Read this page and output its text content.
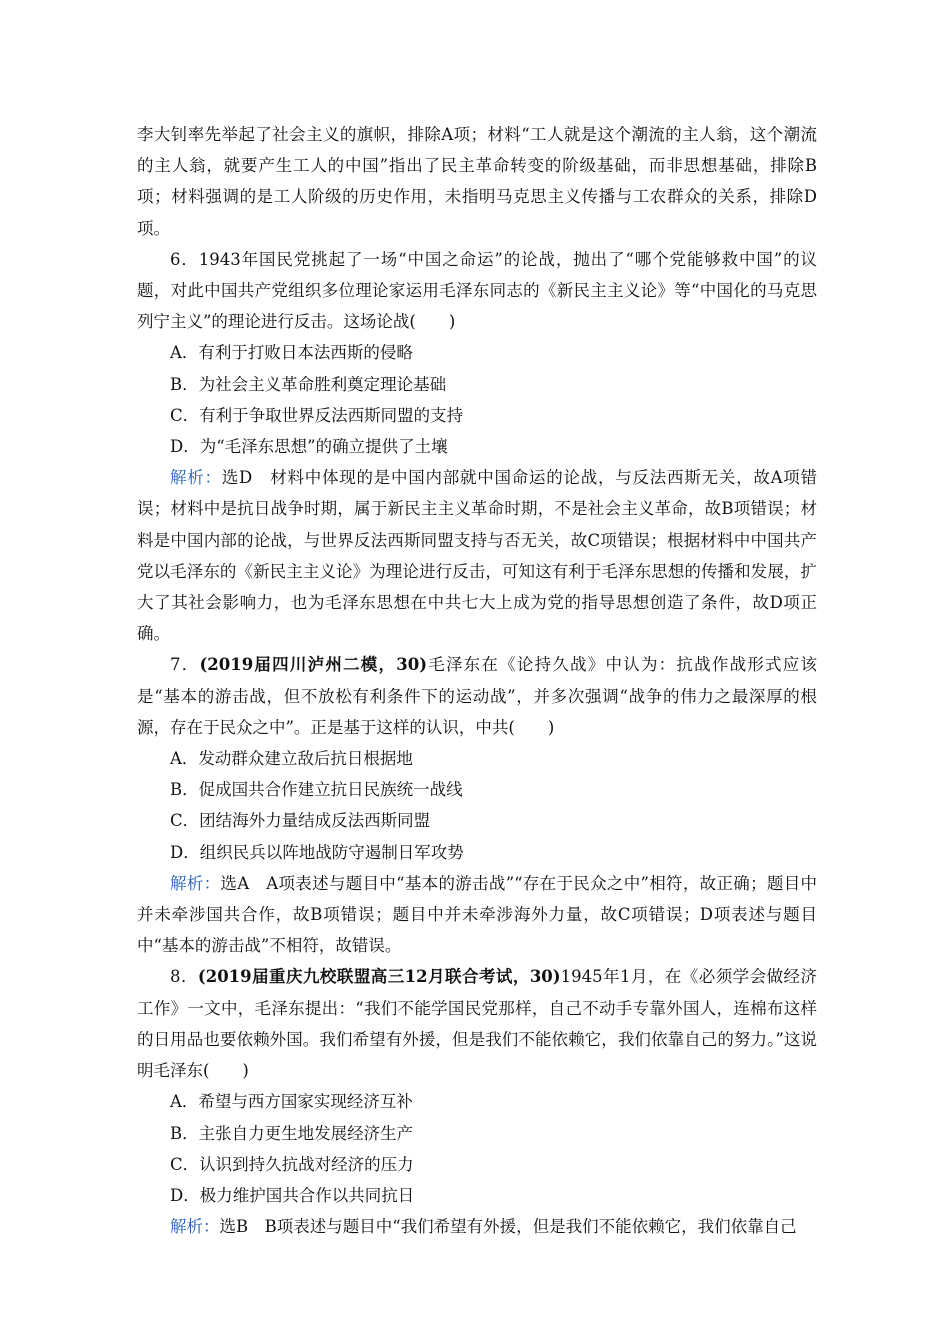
李大钊率先举起了社会主义的旗帜，排除A项；材料“工人就是这个潮流的主人翁，这个潮流的主人翁，就要产生工人的中国”指出了民主革命转变的阶级基础，而非思想基础，排除B项；材料强调的是工人阶级的历史作用，未指明马克思主义传播与工农群众的关系，排除D项。

6．1943年国民党挑起了一场“中国之命运”的论战，抛出了“哪个党能够救中国”的议题，对此中国共产党组织多位理论家运用毛泽东同志的《新民主主义论》等“中国化的马克思列宁主义”的理论进行反击。这场论战(　　)

A．有利于打败日本法西斯的侵略

B．为社会主义革命胜利奠定理论基础

C．有利于争取世界反法西斯同盟的支持

D．为“毛泽东思想”的确立提供了土壤

解析：选D　材料中体现的是中国内部就中国命运的论战，与反法西斯无关，故A项错误；材料中是抗日战争时期，属于新民主主义革命时期，不是社会主义革命，故B项错误；材料是中国内部的论战，与世界反法西斯同盟支持与否无关，故C项错误；根据材料中中国共产党以毛泽东的《新民主主义论》为理论进行反击，可知这有利于毛泽东思想的传播和发展，扩大了其社会影响力，也为毛泽东思想在中共七大上成为党的指导思想创造了条件，故D项正确。

7．(2019届四川泸州二模，30)毛泽东在《论持久战》中认为：抗战作战形式应该是“基本的游击战，但不放松有利条件下的运动战”，并多次强调“战争的伟力之最深厚的根源，存在于民众之中”。正是基于这样的认识，中共(　　)

A．发动群众建立敌后抗日根据地

B．促成国共合作建立抗日民族统一战线

C．团结海外力量结成反法西斯同盟

D．组织民兵以阵地战防守遏制日军攻势

解析：选A　A项表述与题目中“基本的游击战”“存在于民众之中”相符，故正确；题目中并未牵涉国共合作，故B项错误；题目中并未牵涉海外力量，故C项错误；D项表述与题目中“基本的游击战”不相符，故错误。

8．(2019届重庆九校联盟高三12月联合考试，30)1945年1月，在《必须学会做经济工作》一文中，毛泽东提出：“我们不能学国民党那样，自己不动手专靠外国人，连棉布这样的日用品也要依赖外国。我们希望有外援，但是我们不能依赖它，我们依靠自己的努力。”这说明毛泽东(　　)

A．希望与西方国家实现经济互补

B．主张自力更生地发展经济生产

C．认识到持久抗战对经济的压力

D．极力维护国共合作以共同抗日

解析：选B　B项表述与题目中“我们希望有外援，但是我们不能依赖它，我们依靠自己
